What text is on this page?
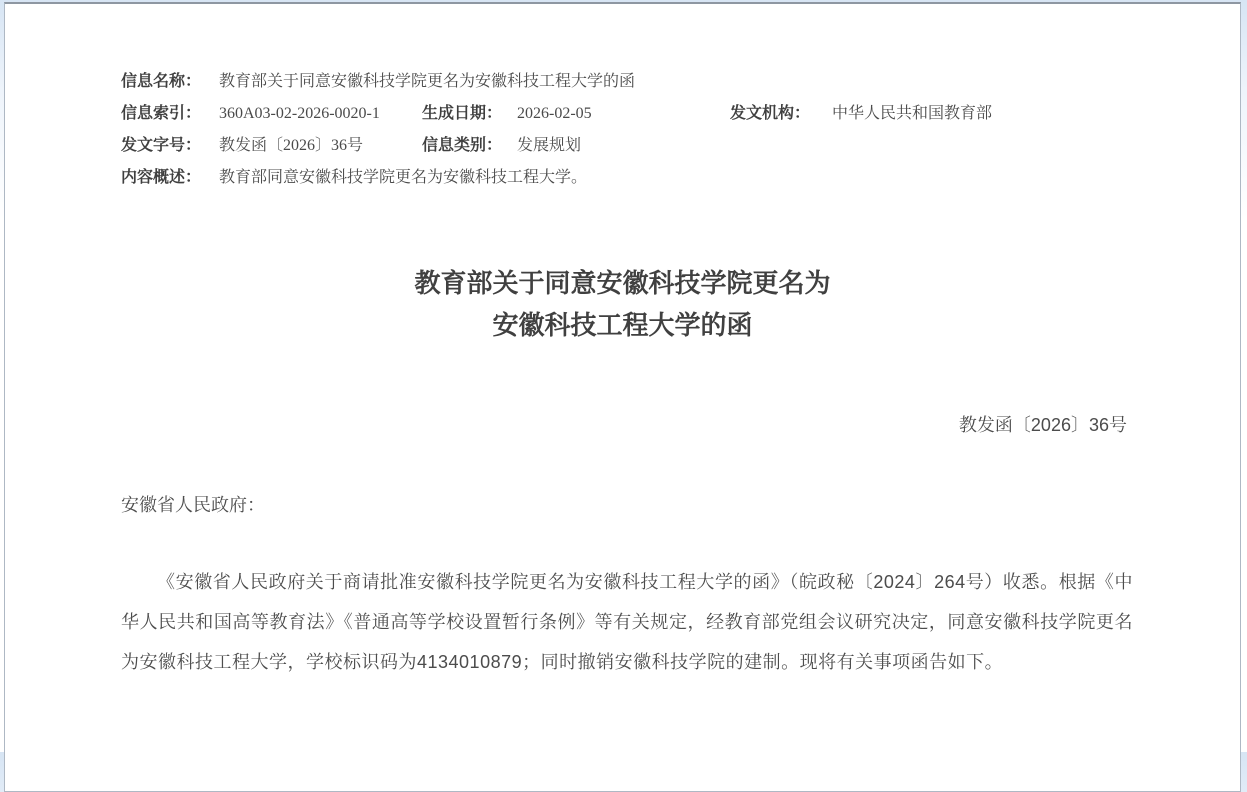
信息名称： 教育部关于同意安徽科技学院更名为安徽科技工程大学的函
信息索引： 360A03-02-2026-0020-1	生成日期： 2026-02-05	发文机构： 中华人民共和国教育部
发文字号： 教发函〔2026〕36号	信息类别： 发展规划
内容概述： 教育部同意安徽科技学院更名为安徽科技工程大学。
教育部关于同意安徽科技学院更名为
安徽科技工程大学的函
教发函〔2026〕36号
安徽省人民政府：
《安徽省人民政府关于商请批准安徽科技学院更名为安徽科技工程大学的函》（皖政秘〔2024〕264号）收悉。根据《中华人民共和国高等教育法》《普通高等学校设置暂行条例》等有关规定，经教育部党组会议研究决定，同意安徽科技学院更名为安徽科技工程大学，学校标识码为4134010879；同时撤销安徽科技学院的建制。现将有关事项函告如下。
